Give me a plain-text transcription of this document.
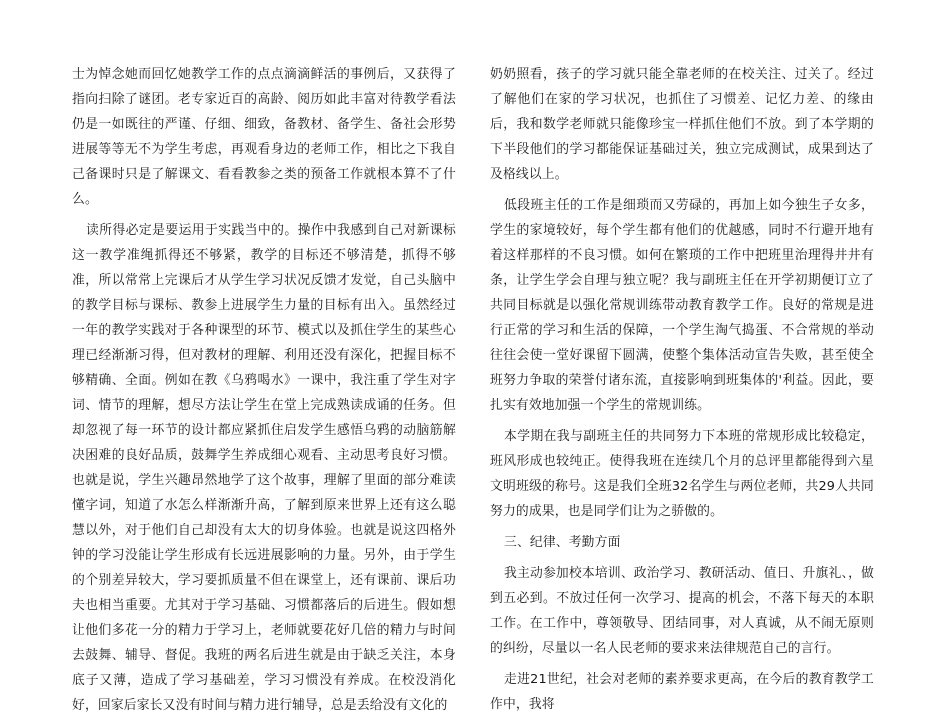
士为悼念她而回忆她教学工作的点点滴滴鲜活的事例后，又获得了指向扫除了谜团。老专家近百的高龄、阅历如此丰富对待教学看法仍是一如既往的严谨、仔细、细致，备教材、备学生、备社会形势进展等等无不为学生考虑，再观看身边的老师工作，相比之下我自己备课时只是了解课文、看看教参之类的预备工作就根本算不了什么。

读所得必定是要运用于实践当中的。操作中我感到自己对新课标这一教学准绳抓得还不够紧，教学的目标还不够清楚，抓得不够准，所以常常上完课后才从学生学习状况反馈才发觉，自己头脑中的教学目标与课标、教参上进展学生力量的目标有出入。虽然经过一年的教学实践对于各种课型的环节、模式以及抓住学生的某些心理已经渐渐习得，但对教材的理解、利用还没有深化，把握目标不够精确、全面。例如在教《乌鸦喝水》一课中，我注重了学生对字词、情节的理解，想尽方法让学生在堂上完成熟读成诵的任务。但却忽视了每一环节的设计都应紧抓住启发学生感悟乌鸦的动脑筋解决困难的良好品质，鼓舞学生养成细心观看、主动思考良好习惯。也就是说，学生兴趣昂然地学了这个故事，理解了里面的部分难读懂字词，知道了水怎么样渐渐升高，了解到原来世界上还有这么聪慧以外，对于他们自己却没有太大的切身体验。也就是说这四格外钟的学习没能让学生形成有长远进展影响的力量。另外，由于学生的个别差异较大，学习要抓质量不但在课堂上，还有课前、课后功夫也相当重要。尤其对于学习基础、习惯都落后的后进生。假如想让他们多花一分的精力于学习上，老师就要花好几倍的精力与时间去鼓舞、辅导、督促。我班的两名后进生就是由于缺乏关注，本身底子又薄，造成了学习基础差，学习习惯没有养成。在校没消化好，回家后家长又没有时间与精力进行辅导，总是丢给没有文化的

奶奶照看，孩子的学习就只能全靠老师的在校关注、过关了。经过了解他们在家的学习状况，也抓住了习惯差、记忆力差、的缘由后，我和数学老师就只能像珍宝一样抓住他们不放。到了本学期的下半段他们的学习都能保证基础过关，独立完成测试，成果到达了及格线以上。

低段班主任的工作是细琐而又劳碌的，再加上如今独生子女多，学生的家境较好，每个学生都有他们的优越感，同时不行避开地有着这样那样的不良习惯。如何在繁琐的工作中把班里治理得井井有条，让学生学会自理与独立呢？我与副班主任在开学初期便订立了共同目标就是以强化常规训练带动教育教学工作。良好的常规是进行正常的学习和生活的保障，一个学生淘气捣蛋、不合常规的举动往往会使一堂好课留下圆满，使整个集体活动宣告失败，甚至使全班努力争取的荣誉付诸东流，直接影响到班集体的'利益。因此，要扎实有效地加强一个学生的常规训练。

本学期在我与副班主任的共同努力下本班的常规形成比较稳定，班风形成也较纯正。使得我班在连续几个月的总评里都能得到六星文明班级的称号。这是我们全班32名学生与两位老师，共29人共同努力的成果，也是同学们让为之骄傲的。

三、纪律、考勤方面

我主动参加校本培训、政治学习、教研活动、值日、升旗礼、，做到五必到。不放过任何一次学习、提高的机会，不落下每天的本职工作。在工作中，尊领敬导、团结同事，对人真诚，从不闹无原则的纠纷，尽量以一名人民老师的要求来法律规范自己的言行。

走进21世纪，社会对老师的素养要求更高，在今后的教育教学工作中，我将
